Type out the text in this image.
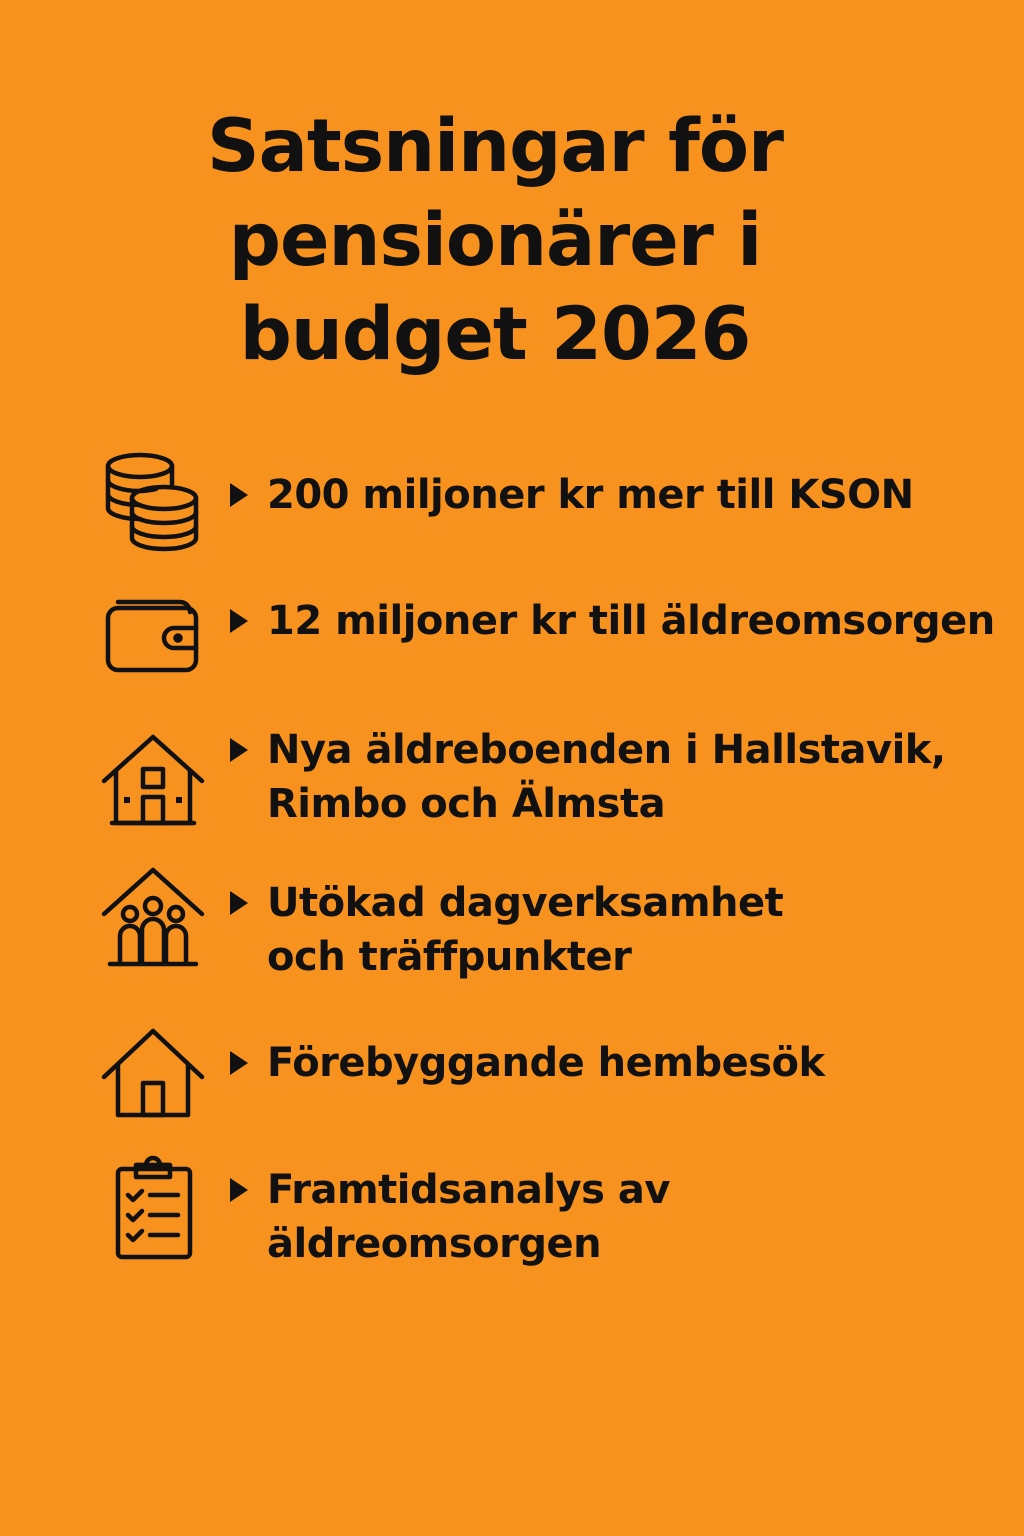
Satsningar för
pensionärer i
budget 2026
200 miljoner kr mer till KSON
12 miljoner kr till äldreomsorgen
Nya äldreboenden i Hallstavik,
Rimbo och Älmsta
Utökad dagverksamhet
och träffpunkter
Förebyggande hembesök
Framtidsanalys av
äldreomsorgen
